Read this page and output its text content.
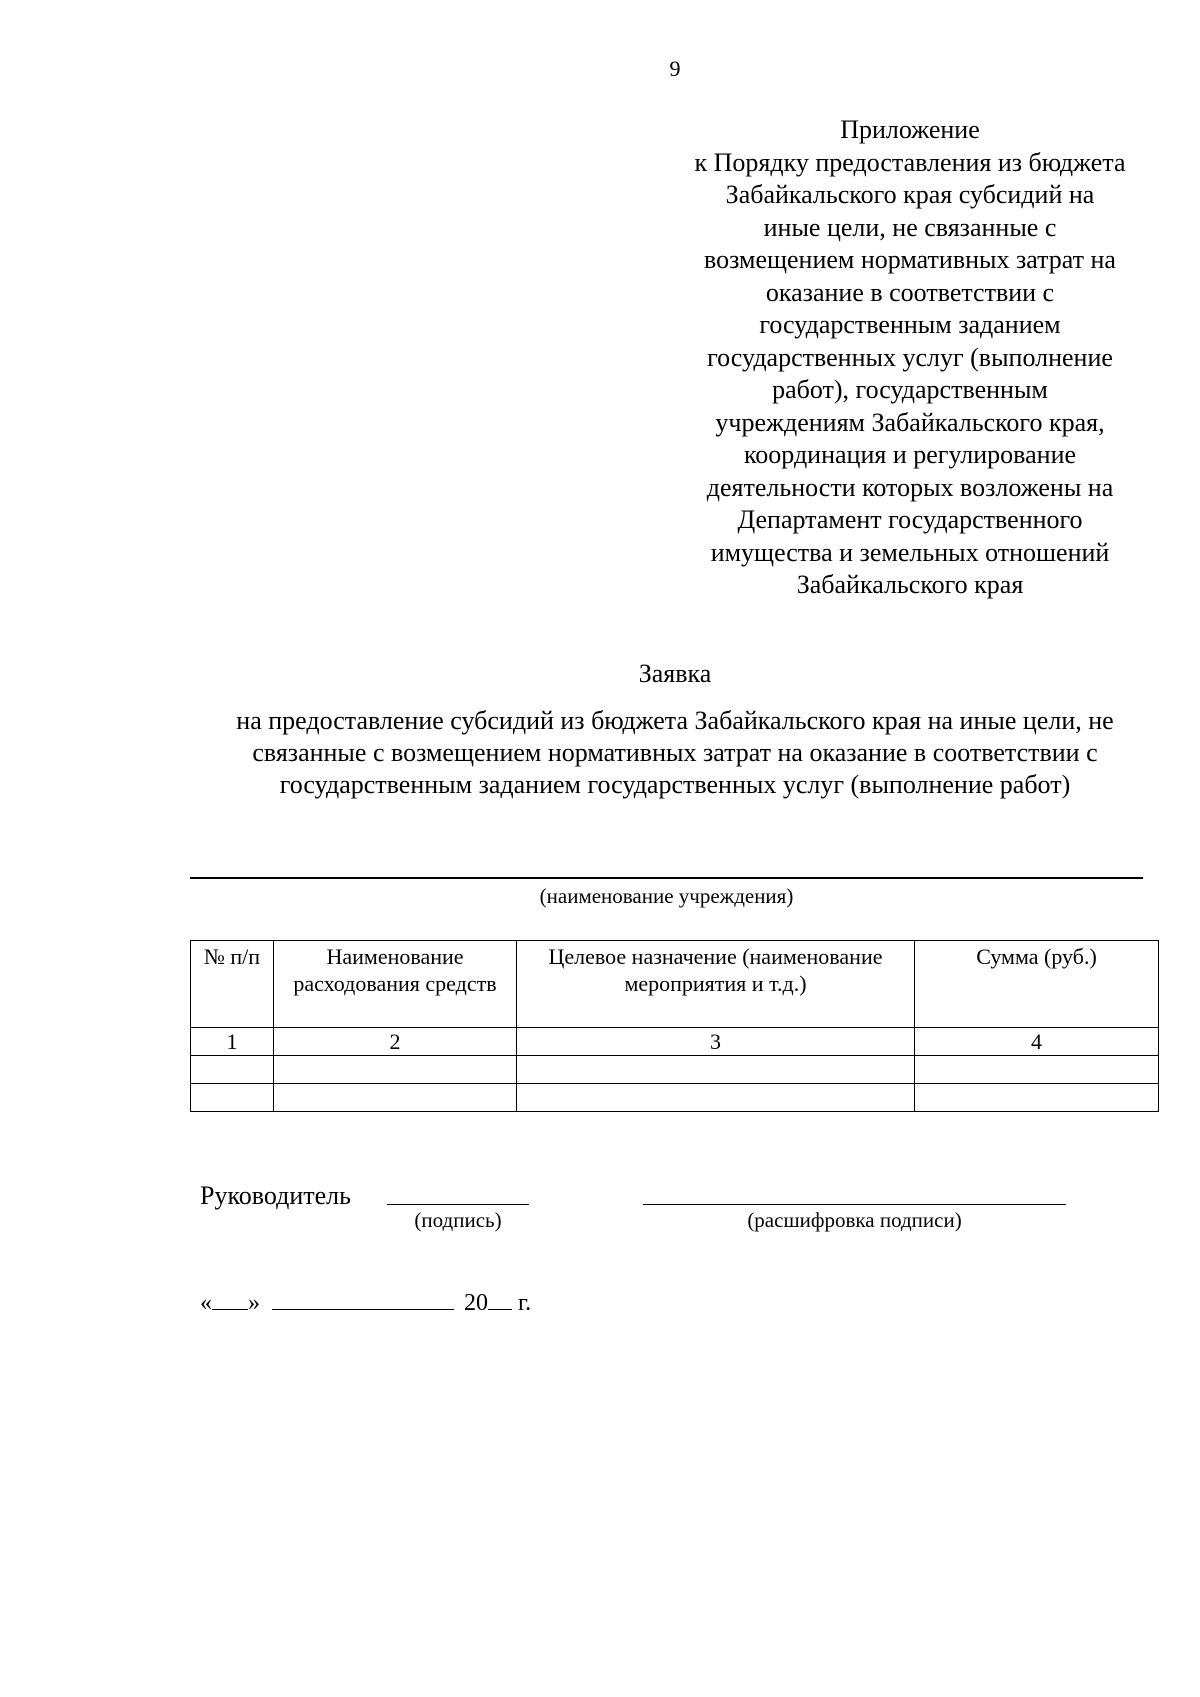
9
Приложение
к Порядку предоставления из бюджета
Забайкальского края субсидий на
иные цели, не связанные с
возмещением нормативных затрат на
оказание в соответствии с
государственным заданием
государственных услуг (выполнение
работ), государственным
учреждениям Забайкальского края,
координация и регулирование
деятельности которых возложены на
Департамент государственного
имущества и земельных отношений
Забайкальского края
Заявка
на предоставление субсидий из бюджета Забайкальского края на иные цели, не
связанные с возмещением нормативных затрат на оказание в соответствии с
государственным заданием государственных услуг (выполнение работ)
(наименование учреждения)
№ п/п	Наименование расходования средств	Целевое назначение (наименование мероприятия и т.д.)	Сумма (руб.)
1	2	3	4

Руководитель
(подпись)	(расшифровка подписи)
« »	20 г.
